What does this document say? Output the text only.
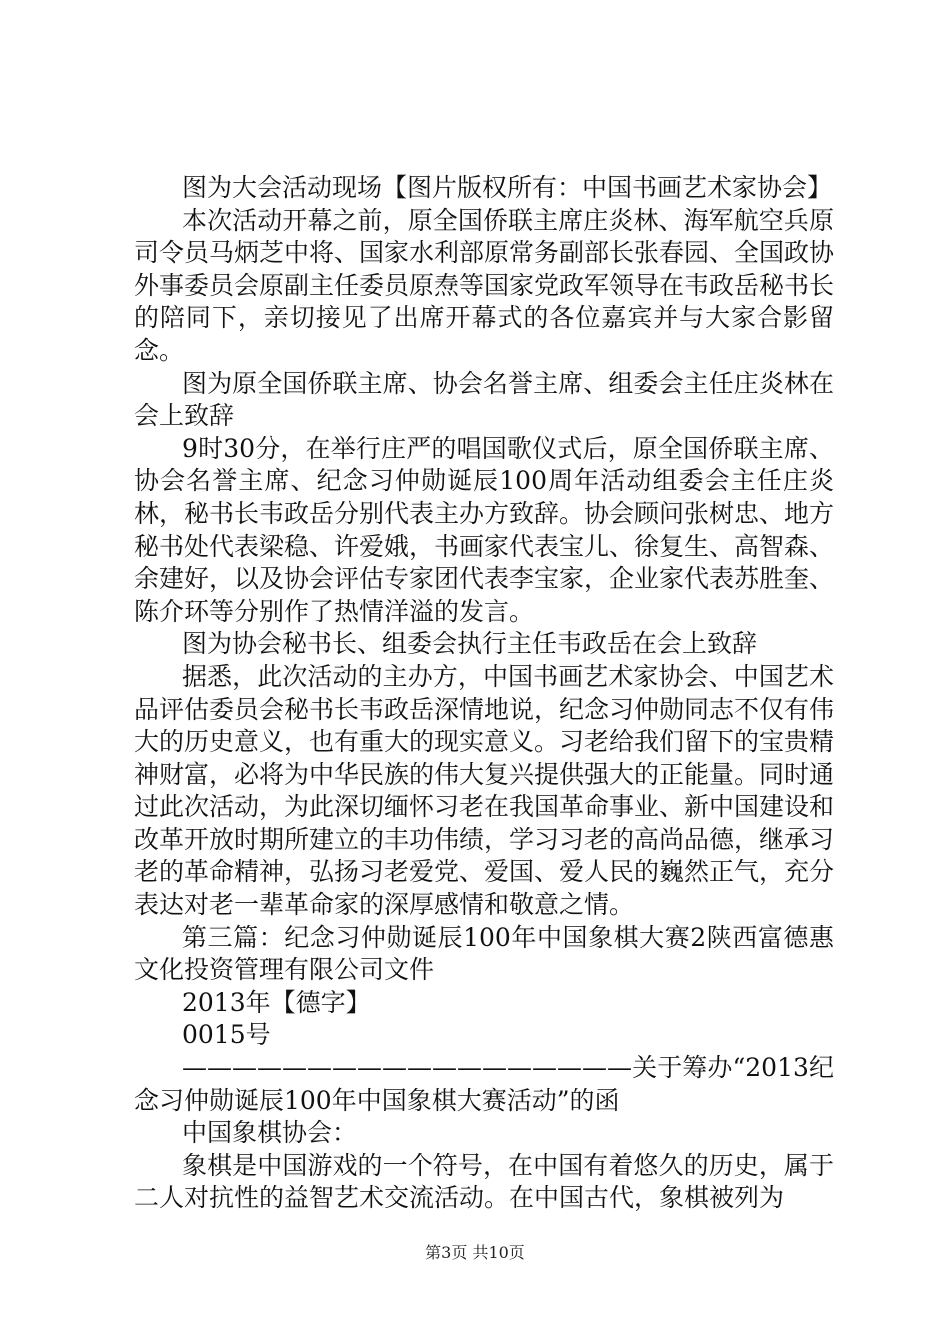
图为大会活动现场【图片版权所有：中国书画艺术家协会】

本次活动开幕之前，原全国侨联主席庄炎林、海军航空兵原司令员马炳芝中将、国家水利部原常务副部长张春园、全国政协外事委员会原副主任委员原焘等国家党政军领导在韦政岳秘书长的陪同下，亲切接见了出席开幕式的各位嘉宾并与大家合影留念。

图为原全国侨联主席、协会名誉主席、组委会主任庄炎林在会上致辞

9时30分，在举行庄严的唱国歌仪式后，原全国侨联主席、协会名誉主席、纪念习仲勋诞辰100周年活动组委会主任庄炎林，秘书长韦政岳分别代表主办方致辞。协会顾问张树忠、地方秘书处代表梁稳、许爱娥，书画家代表宝儿、徐复生、高智森、余建好，以及协会评估专家团代表李宝家，企业家代表苏胜奎、陈介环等分别作了热情洋溢的发言。

图为协会秘书长、组委会执行主任韦政岳在会上致辞

据悉，此次活动的主办方，中国书画艺术家协会、中国艺术品评估委员会秘书长韦政岳深情地说，纪念习仲勋同志不仅有伟大的历史意义，也有重大的现实意义。习老给我们留下的宝贵精神财富，必将为中华民族的伟大复兴提供强大的正能量。同时通过此次活动，为此深切缅怀习老在我国革命事业、新中国建设和改革开放时期所建立的丰功伟绩，学习习老的高尚品德，继承习老的革命精神，弘扬习老爱党、爱国、爱人民的巍然正气，充分表达对老一辈革命家的深厚感情和敬意之情。

第三篇：纪念习仲勋诞辰100年中国象棋大赛2陕西富德惠文化投资管理有限公司文件

2013年【德字】

0015号

——————————————————关于筹办“2013纪念习仲勋诞辰100年中国象棋大赛活动”的函

中国象棋协会：

象棋是中国游戏的一个符号，在中国有着悠久的历史，属于二人对抗性的益智艺术交流活动。在中国古代，象棋被列为

第3页 共10页
